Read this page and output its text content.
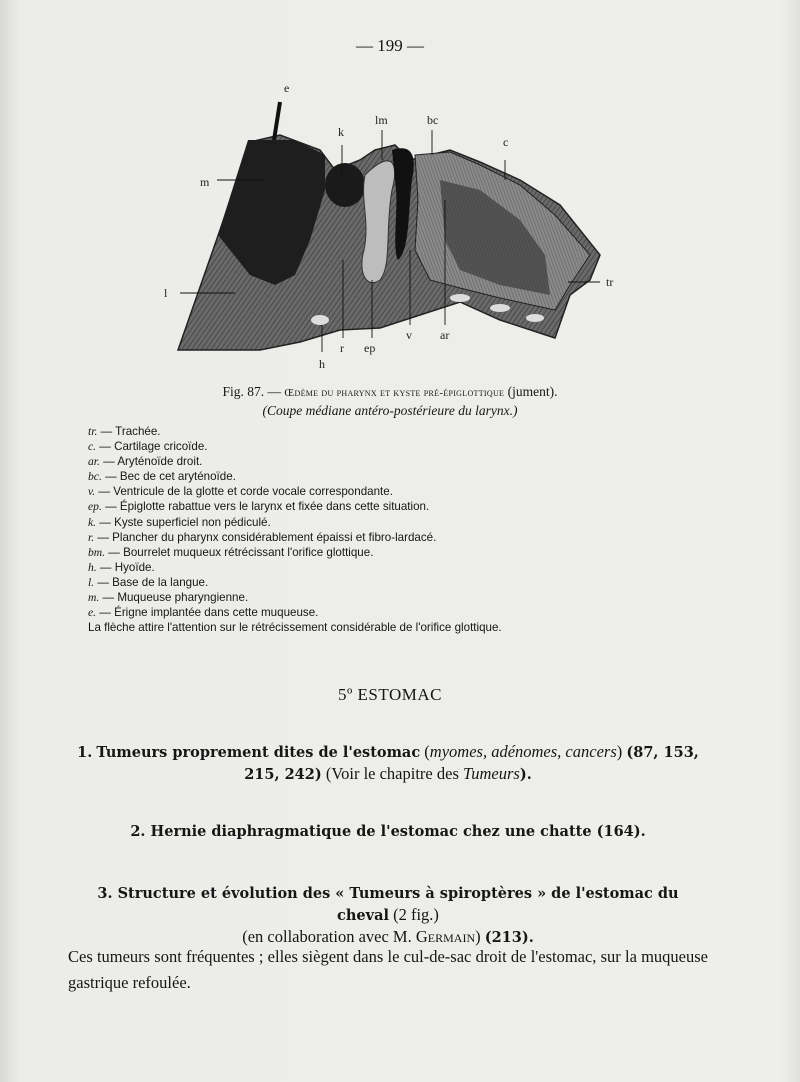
— 199 —
e
k
lm	bc
c
m
l
tr
r ep
v ar
h
Fig. 87. — Œdème du pharynx et kyste pré-épiglottique (jument).
(Coupe médiane antéro-postérieure du larynx.)
tr. — Trachée.
c. — Cartilage cricoïde.
ar. — Aryténoïde droit.
bc. — Bec de cet aryténoïde.
v. — Ventricule de la glotte et corde vocale correspondante.
ep. — Épiglotte rabattue vers le larynx et fixée dans cette situation.
k. — Kyste superficiel non pédiculé.
r. — Plancher du pharynx considérablement épaissi et fibro-lardacé.
bm. — Bourrelet muqueux rétrécissant l'orifice glottique.
h. — Hyoïde.
l. — Base de la langue.
m. — Muqueuse pharyngienne.
e. — Érigne implantée dans cette muqueuse.
La flèche attire l'attention sur le rétrécissement considérable de l'orifice glottique.
5º ESTOMAC
1. Tumeurs proprement dites de l'estomac (myomes, adénomes, cancers) (87, 153,
215, 242) (Voir le chapitre des Tumeurs).
2. Hernie diaphragmatique de l'estomac chez une chatte (164).
3. Structure et évolution des « Tumeurs à spiroptères » de l'estomac du cheval (2 fig.)
(en collaboration avec M. Germain) (213).
Ces tumeurs sont fréquentes ; elles siègent dans le cul-de-sac droit de l'estomac, sur la muqueuse gastrique refoulée.
